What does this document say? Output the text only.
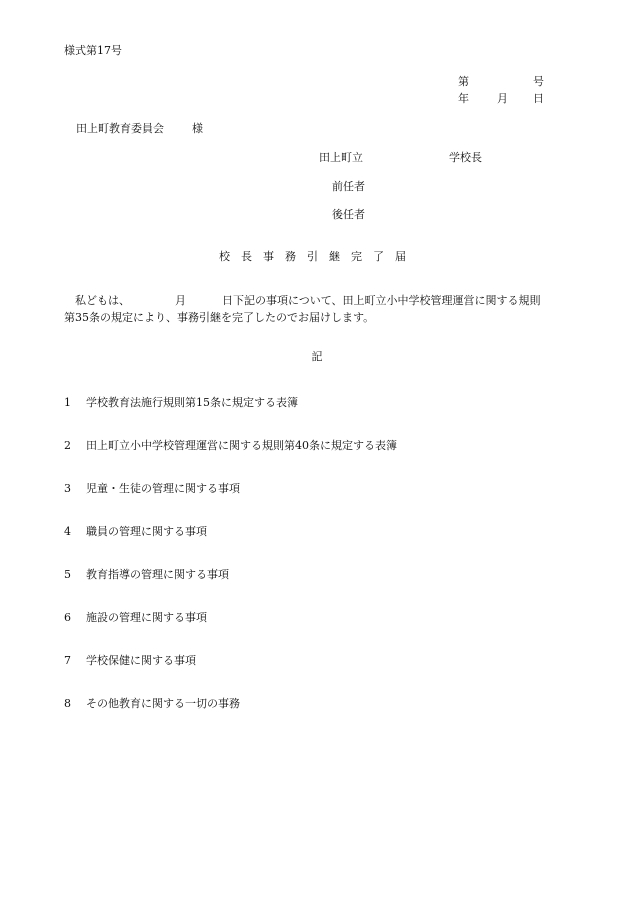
様式第17号
第	号
年	月 日
田上町教育委員会	様
田上町立	学校長
前任者
後任者
校長事務引継完了届
私どもは、	月	日下記の事項について、田上町立小中学校管理運営に関する規則
第35条の規定により、事務引継を完了したのでお届けします。
記
1 学校教育法施行規則第15条に規定する表簿
2 田上町立小中学校管理運営に関する規則第40条に規定する表簿
3 児童・生徒の管理に関する事項
4 職員の管理に関する事項
5 教育指導の管理に関する事項
6 施設の管理に関する事項
7 学校保健に関する事項
8 その他教育に関する一切の事務
